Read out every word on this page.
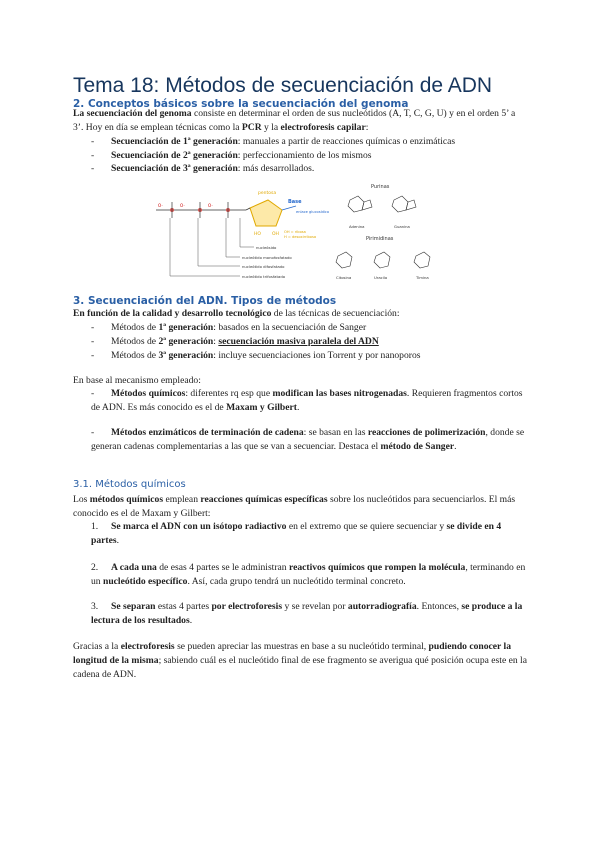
Tema 18: Métodos de secuenciación de ADN
2. Conceptos básicos sobre la secuenciación del genoma
La secuenciación del genoma consiste en determinar el orden de sus nucleótidos (A, T, C, G, U) y en el orden 5’ a 3’. Hoy en día se emplean técnicas como la PCR y la electroforesis capilar:
- Secuenciación de 1ª generación: manuales a partir de reacciones químicas o enzimáticas
- Secuenciación de 2ª generación: perfeccionamiento de los mismos
- Secuenciación de 3ª generación: más desarrollados.
O⁻	O⁻	O⁻
pentosa
Base
enlace glucosídico
HO OH OH = ribosa
H = desoxirribosa
nucleósido
nucleótido monofosfatado
nucleótido difosfatado
nucleótido trifosfatado
Purinas
Adenina	Guanina
Pirimidinas
Citosina	Uracilo	Timina
3. Secuenciación del ADN. Tipos de métodos
En función de la calidad y desarrollo tecnológico de las técnicas de secuenciación:
- Métodos de 1ª generación: basados en la secuenciación de Sanger
- Métodos de 2ª generación: secuenciación masiva paralela del ADN
- Métodos de 3ª generación: incluye secuenciaciones ion Torrent y por nanoporos
En base al mecanismo empleado:
- Métodos químicos: diferentes rq esp que modifican las bases nitrogenadas. Requieren fragmentos cortos de ADN. Es más conocido es el de Maxam y Gilbert.
- Métodos enzimáticos de terminación de cadena: se basan en las reacciones de polimerización, donde se generan cadenas complementarias a las que se van a secuenciar. Destaca el método de Sanger.
3.1. Métodos químicos
Los métodos químicos emplean reacciones químicas específicas sobre los nucleótidos para secuenciarlos. El más conocido es el de Maxam y Gilbert:
1. Se marca el ADN con un isótopo radiactivo en el extremo que se quiere secuenciar y se divide en 4 partes.
2. A cada una de esas 4 partes se le administran reactivos químicos que rompen la molécula, terminando en un nucleótido específico. Así, cada grupo tendrá un nucleótido terminal concreto.
3. Se separan estas 4 partes por electroforesis y se revelan por autorradiografía. Entonces, se produce a la lectura de los resultados.
Gracias a la electroforesis se pueden apreciar las muestras en base a su nucleótido terminal, pudiendo conocer la longitud de la misma; sabiendo cuál es el nucleótido final de ese fragmento se averigua qué posición ocupa este en la cadena de ADN.
